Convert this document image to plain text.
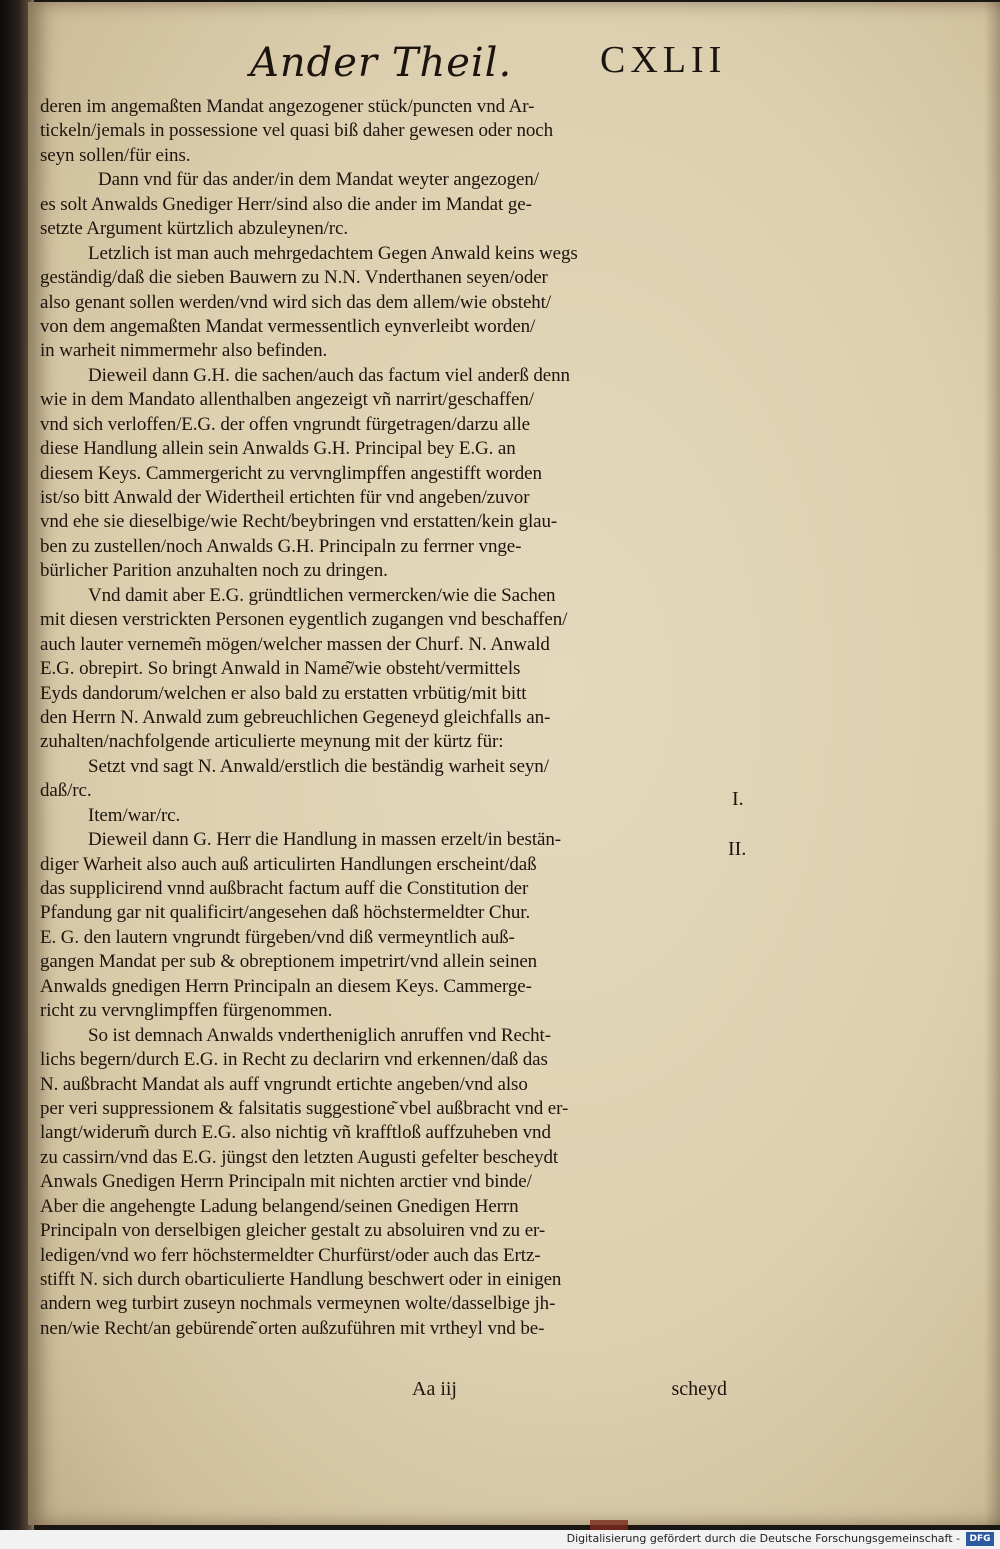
Ander Theil. CXLII
deren im angemaßten Mandat angezogener stück/puncten vnd Ar-
tickeln/jemals in possessione vel quasi biß daher gewesen oder noch
seyn sollen/für eins.
Dann vnd für das ander/in dem Mandat weyter angezogen/
es solt Anwalds Gnediger Herr/sind also die ander im Mandat ge-
setzte Argument kürtzlich abzuleynen/rc.
Letzlich ist man auch mehrgedachtem Gegen Anwald keins wegs
geständig/daß die sieben Bauwern zu N.N. Vnderthanen seyen/oder
also genant sollen werden/vnd wird sich das dem allem/wie obsteht/
von dem angemaßten Mandat vermessentlich eynverleibt worden/
in warheit nimmermehr also befinden.
Dieweil dann G.H. die sachen/auch das factum viel anderß denn
wie in dem Mandato allenthalben angezeigt vñ narrirt/geschaffen/
vnd sich verloffen/E.G. der offen vngrundt fürgetragen/darzu alle
diese Handlung allein sein Anwalds G.H. Principal bey E.G. an
diesem Keys. Cammergericht zu vervnglimpffen angestifft worden
ist/so bitt Anwald der Widertheil ertichten für vnd angeben/zuvor
vnd ehe sie dieselbige/wie Recht/beybringen vnd erstatten/kein glau-
ben zu zustellen/noch Anwalds G.H. Principaln zu ferrner vnge-
bürlicher Parition anzuhalten noch zu dringen.
Vnd damit aber E.G. gründtlichen vermercken/wie die Sachen
mit diesen verstrickten Personen eygentlich zugangen vnd beschaffen/
auch lauter verneme͂n mögen/welcher massen der Churf. N. Anwald
E.G. obrepirt. So bringt Anwald in Name͂/wie obsteht/vermittels
Eyds dandorum/welchen er also bald zu erstatten vrbütig/mit bitt
den Herrn N. Anwald zum gebreuchlichen Gegeneyd gleichfalls an-
zuhalten/nachfolgende articulierte meynung mit der kürtz für:
Setzt vnd sagt N. Anwald/erstlich die beständig warheit seyn/
daß/rc.
Item/war/rc.
Dieweil dann G. Herr die Handlung in massen erzelt/in bestän-
diger Warheit also auch auß articulirten Handlungen erscheint/daß
das supplicirend vnnd außbracht factum auff die Constitution der
Pfandung gar nit qualificirt/angesehen daß höchstermeldter Chur.
E. G. den lautern vngrundt fürgeben/vnd diß vermeyntlich auß-
gangen Mandat per sub & obreptionem impetrirt/vnd allein seinen
Anwalds gnedigen Herrn Principaln an diesem Keys. Cammerge-
richt zu vervnglimpffen fürgenommen.
So ist demnach Anwalds vndertheniglich anruffen vnd Recht-
lichs begern/durch E.G. in Recht zu declarirn vnd erkennen/daß das
N. außbracht Mandat als auff vngrundt ertichte angeben/vnd also
per veri suppressionem & falsitatis suggestione͂ vbel außbracht vnd er-
langt/widerum̃ durch E.G. also nichtig vñ krafftloß auffzuheben vnd
zu cassirn/vnd das E.G. jüngst den letzten Augusti gefelter bescheydt
Anwals Gnedigen Herrn Principaln mit nichten arctier vnd binde/
Aber die angehengte Ladung belangend/seinen Gnedigen Herrn
Principaln von derselbigen gleicher gestalt zu absoluiren vnd zu er-
ledigen/vnd wo ferr höchstermeldter Churfürst/oder auch das Ertz-
stifft N. sich durch obarticulierte Handlung beschwert oder in einigen
andern weg turbirt zuseyn nochmals vermeynen wolte/dasselbige jh-
nen/wie Recht/an gebürende͂ orten außzuführen mit vrtheyl vnd be-
I.
II.
Aa iij	scheyd
Digitalisierung gefördert durch die Deutsche Forschungsgemeinschaft -	DFG
